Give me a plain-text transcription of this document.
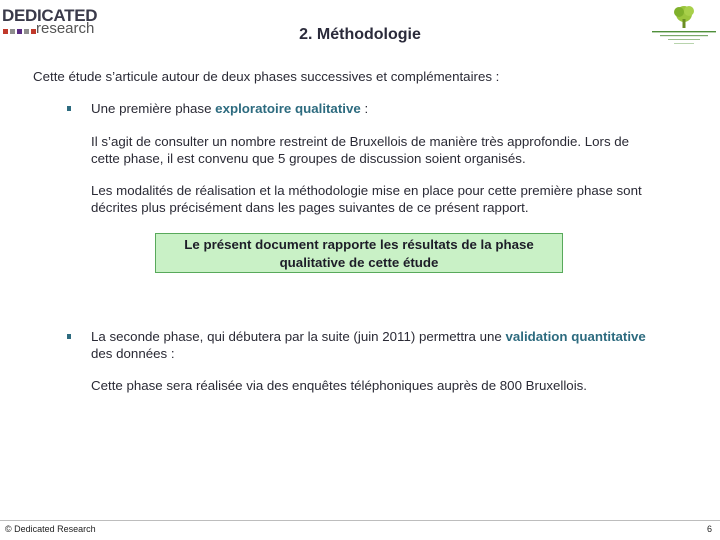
DEDICATED
research	2. Méthodologie
Cette étude s’articule autour de deux phases successives et complémentaires :
Une première phase exploratoire qualitative :
Il s’agit de consulter un nombre restreint de Bruxellois de manière très approfondie. Lors de
cette phase, il est convenu que 5 groupes de discussion soient organisés.
Les modalités de réalisation et la méthodologie mise en place pour cette première phase sont
décrites plus précisément dans les pages suivantes de ce présent rapport.
Le présent document rapporte les résultats de la phase
qualitative de cette étude
La seconde phase, qui débutera par la suite (juin 2011) permettra une validation quantitative
des données :
Cette phase sera réalisée via des enquêtes téléphoniques auprès de 800 Bruxellois.
© Dedicated Research	6
